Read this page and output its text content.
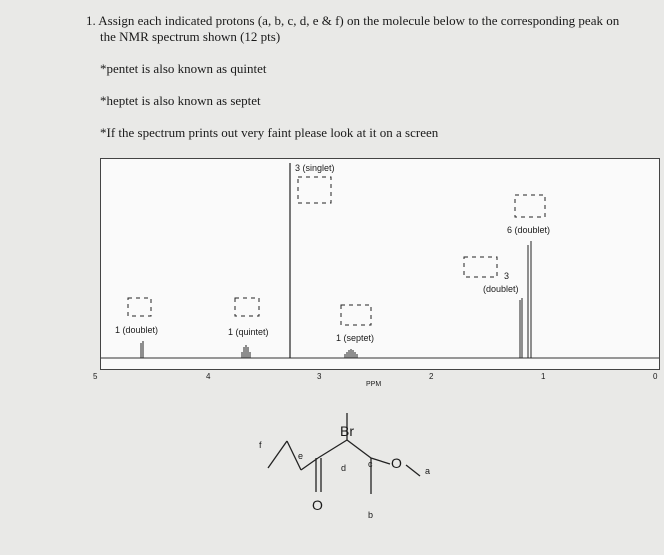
1. Assign each indicated protons (a, b, c, d, e & f) on the molecule below to the corresponding peak on
the NMR spectrum shown (12 pts)
*pentet is also known as quintet
*heptet is also known as septet
*If the spectrum prints out very faint please look at it on a screen
1 (doublet)	1 (quintet)
3 (singlet)
1 (septet)
3
(doublet)
6 (doublet)
5	4	3	2	1	0
PPM
Br
O
O
a
b
c
d
e
f
